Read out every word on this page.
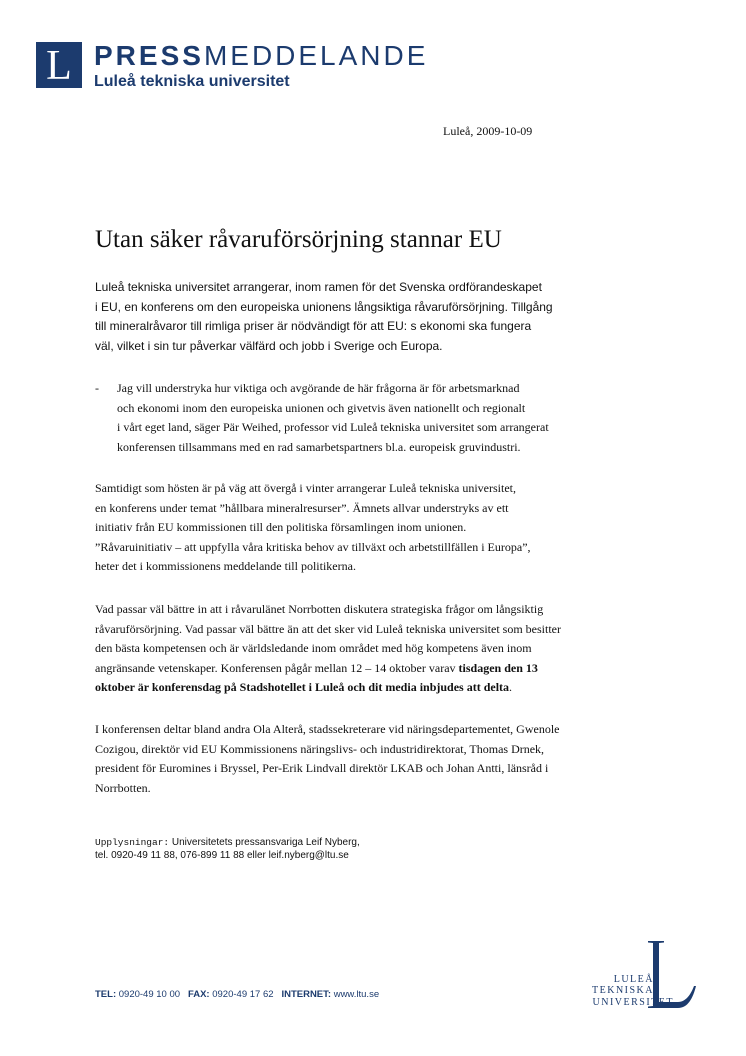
L PRESSMEDDELANDE
Luleå tekniska universitet
Luleå, 2009-10-09
Utan säker råvaruförsörjning stannar EU
Luleå tekniska universitet arrangerar, inom ramen för det Svenska ordförandeskapet
i EU, en konferens om den europeiska unionens långsiktiga råvaruförsörjning. Tillgång
till mineralråvaror till rimliga priser är nödvändigt för att EU: s ekonomi ska fungera
väl, vilket i sin tur påverkar välfärd och jobb i Sverige och Europa.
- Jag vill understryka hur viktiga och avgörande de här frågorna är för arbetsmarknad
och ekonomi inom den europeiska unionen och givetvis även nationellt och regionalt
i vårt eget land, säger Pär Weihed, professor vid Luleå tekniska universitet som arrangerat
konferensen tillsammans med en rad samarbetspartners bl.a. europeisk gruvindustri.
Samtidigt som hösten är på väg att övergå i vinter arrangerar Luleå tekniska universitet,
en konferens under temat ”hållbara mineralresurser”. Ämnets allvar understryks av ett
initiativ från EU kommissionen till den politiska församlingen inom unionen.
”Råvaruinitiativ – att uppfylla våra kritiska behov av tillväxt och arbetstillfällen i Europa”,
heter det i kommissionens meddelande till politikerna.
Vad passar väl bättre in att i råvarulänet Norrbotten diskutera strategiska frågor om långsiktig
råvaruförsörjning. Vad passar väl bättre än att det sker vid Luleå tekniska universitet som besitter
den bästa kompetensen och är världsledande inom området med hög kompetens även inom
angränsande vetenskaper. Konferensen pågår mellan 12 – 14 oktober varav tisdagen den 13
oktober är konferensdag på Stadshotellet i Luleå och dit media inbjudes att delta.
I konferensen deltar bland andra Ola Alterå, stadssekreterare vid näringsdepartementet, Gwenole
Cozigou, direktör vid EU Kommissionens näringslivs- och industridirektorat, Thomas Drnek,
president för Euromines i Bryssel, Per-Erik Lindvall direktör LKAB och Johan Antti, länsråd i
Norrbotten.
Upplysningar: Universitetets pressansvariga Leif Nyberg,
tel. 0920-49 11 88, 076-899 11 88 eller leif.nyberg@ltu.se
TEL: 0920-49 10 00 FAX: 0920-49 17 62 INTERNET: www.ltu.se
LULEÅ
TEKNISKA
UNIVERSITET
